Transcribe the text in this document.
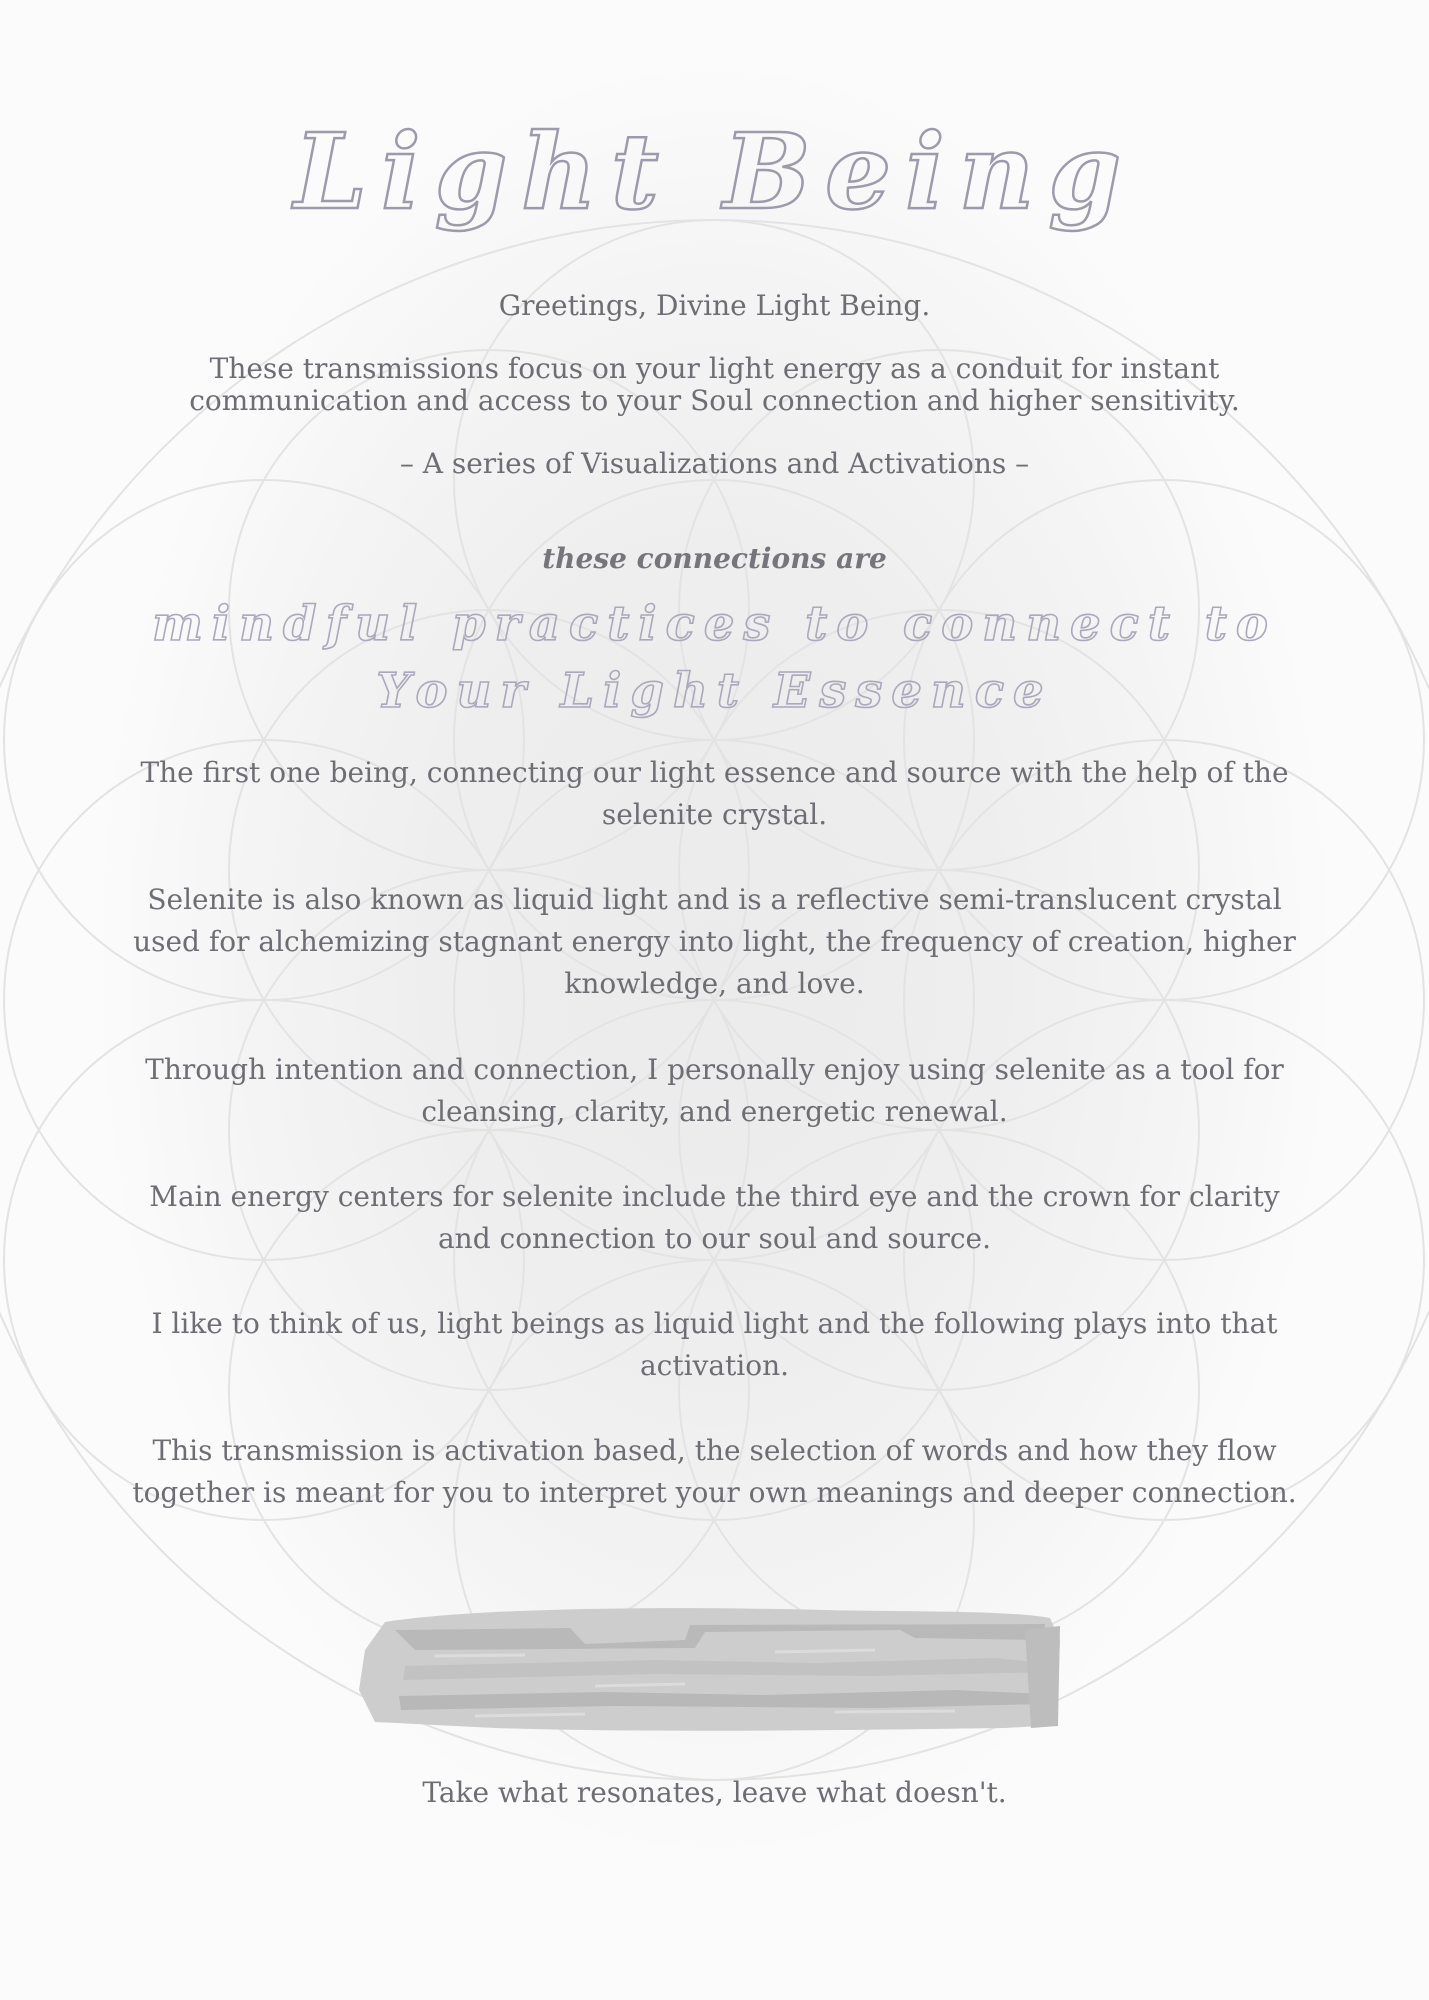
Light Being

Greetings, Divine Light Being.

These transmissions focus on your light energy as a conduit for instant communication and access to your Soul connection and higher sensitivity.

– A series of Visualizations and Activations –

these connections are

mindful practices to connect to

Your Light Essence

The first one being, connecting our light essence and source with the help of the selenite crystal.

Selenite is also known as liquid light and is a reflective semi-translucent crystal used for alchemizing stagnant energy into light, the frequency of creation, higher knowledge, and love.

Through intention and connection, I personally enjoy using selenite as a tool for cleansing, clarity, and energetic renewal.

Main energy centers for selenite include the third eye and the crown for clarity and connection to our soul and source.

I like to think of us, light beings as liquid light and the following plays into that activation.

This transmission is activation based, the selection of words and how they flow together is meant for you to interpret your own meanings and deeper connection.

Take what resonates, leave what doesn't.
